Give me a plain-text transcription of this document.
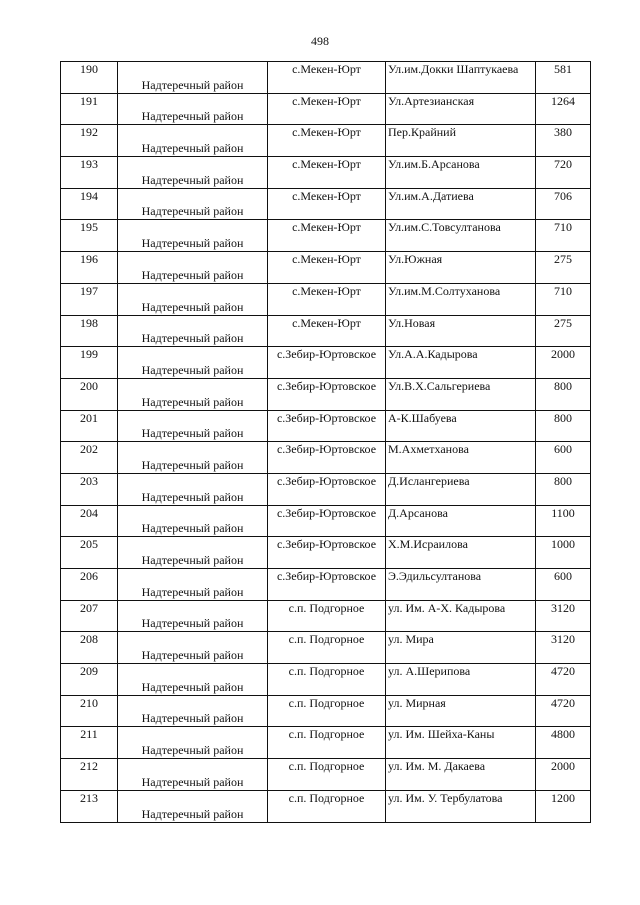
498
190	Надтеречный район	с.Мекен-Юрт	Ул.им.Докки Шаптукаева	581
191	Надтеречный район	с.Мекен-Юрт	Ул.Артезианская	1264
192	Надтеречный район	с.Мекен-Юрт	Пер.Крайний	380
193	Надтеречный район	с.Мекен-Юрт	Ул.им.Б.Арсанова	720
194	Надтеречный район	с.Мекен-Юрт	Ул.им.А.Датиева	706
195	Надтеречный район	с.Мекен-Юрт	Ул.им.С.Товсултанова	710
196	Надтеречный район	с.Мекен-Юрт	Ул.Южная	275
197	Надтеречный район	с.Мекен-Юрт	Ул.им.М.Солтуханова	710
198	Надтеречный район	с.Мекен-Юрт	Ул.Новая	275
199	Надтеречный район	с.Зебир-Юртовское	Ул.А.А.Кадырова	2000
200	Надтеречный район	с.Зебир-Юртовское	Ул.В.Х.Сальгериева	800
201	Надтеречный район	с.Зебир-Юртовское	А-К.Шабуева	800
202	Надтеречный район	с.Зебир-Юртовское	М.Ахметханова	600
203	Надтеречный район	с.Зебир-Юртовское	Д.Ислангериева	800
204	Надтеречный район	с.Зебир-Юртовское	Д.Арсанова	1100
205	Надтеречный район	с.Зебир-Юртовское	Х.М.Исраилова	1000
206	Надтеречный район	с.Зебир-Юртовское	Э.Эдильсултанова	600
207	Надтеречный район	с.п. Подгорное	ул. Им. А-Х. Кадырова	3120
208	Надтеречный район	с.п. Подгорное	ул. Мира	3120
209	Надтеречный район	с.п. Подгорное	ул. А.Шерипова	4720
210	Надтеречный район	с.п. Подгорное	ул. Мирная	4720
211	Надтеречный район	с.п. Подгорное	ул. Им. Шейха-Каны	4800
212	Надтеречный район	с.п. Подгорное	ул. Им. М. Дакаева	2000
213	Надтеречный район	с.п. Подгорное	ул. Им. У. Тербулатова	1200
